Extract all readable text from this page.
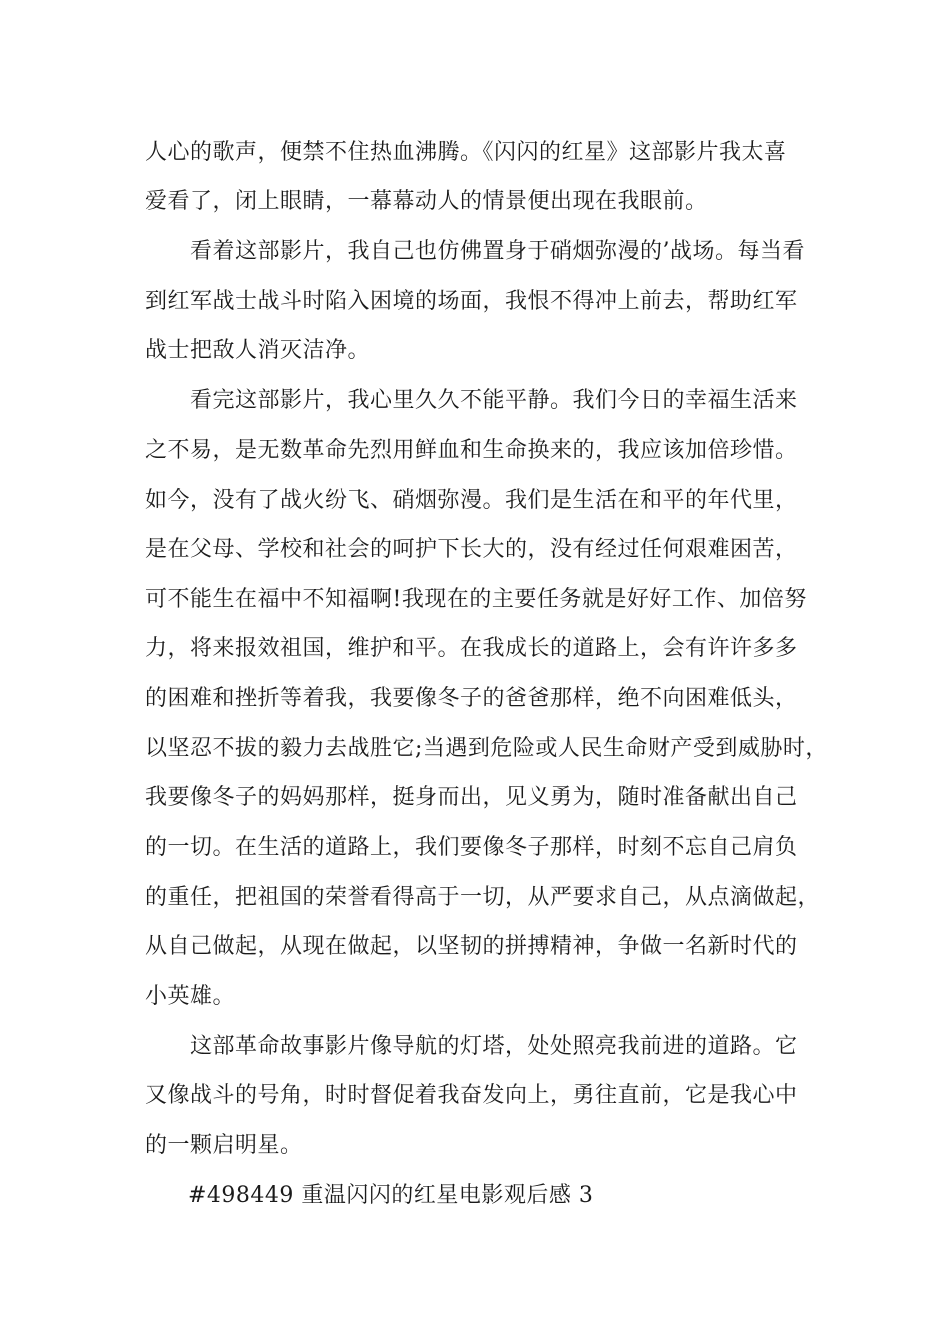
人心的歌声，便禁不住热血沸腾。《闪闪的红星》这部影片我太喜
爱看了，闭上眼睛，一幕幕动人的情景便出现在我眼前。
看着这部影片，我自己也仿佛置身于硝烟弥漫的’战场。每当看
到红军战士战斗时陷入困境的场面，我恨不得冲上前去，帮助红军
战士把敌人消灭洁净。
看完这部影片，我心里久久不能平静。我们今日的幸福生活来
之不易，是无数革命先烈用鲜血和生命换来的，我应该加倍珍惜。
如今，没有了战火纷飞、硝烟弥漫。我们是生活在和平的年代里，
是在父母、学校和社会的呵护下长大的，没有经过任何艰难困苦，
可不能生在福中不知福啊!我现在的主要任务就是好好工作、加倍努
力，将来报效祖国，维护和平。在我成长的道路上，会有许许多多
的困难和挫折等着我，我要像冬子的爸爸那样，绝不向困难低头，
以坚忍不拔的毅力去战胜它;当遇到危险或人民生命财产受到威胁时，
我要像冬子的妈妈那样，挺身而出，见义勇为，随时准备献出自己
的一切。在生活的道路上，我们要像冬子那样，时刻不忘自己肩负
的重任，把祖国的荣誉看得高于一切，从严要求自己，从点滴做起，
从自己做起，从现在做起，以坚韧的拼搏精神，争做一名新时代的
小英雄。
这部革命故事影片像导航的灯塔，处处照亮我前进的道路。它
又像战斗的号角，时时督促着我奋发向上，勇往直前，它是我心中
的一颗启明星。
#498449 重温闪闪的红星电影观后感 3
